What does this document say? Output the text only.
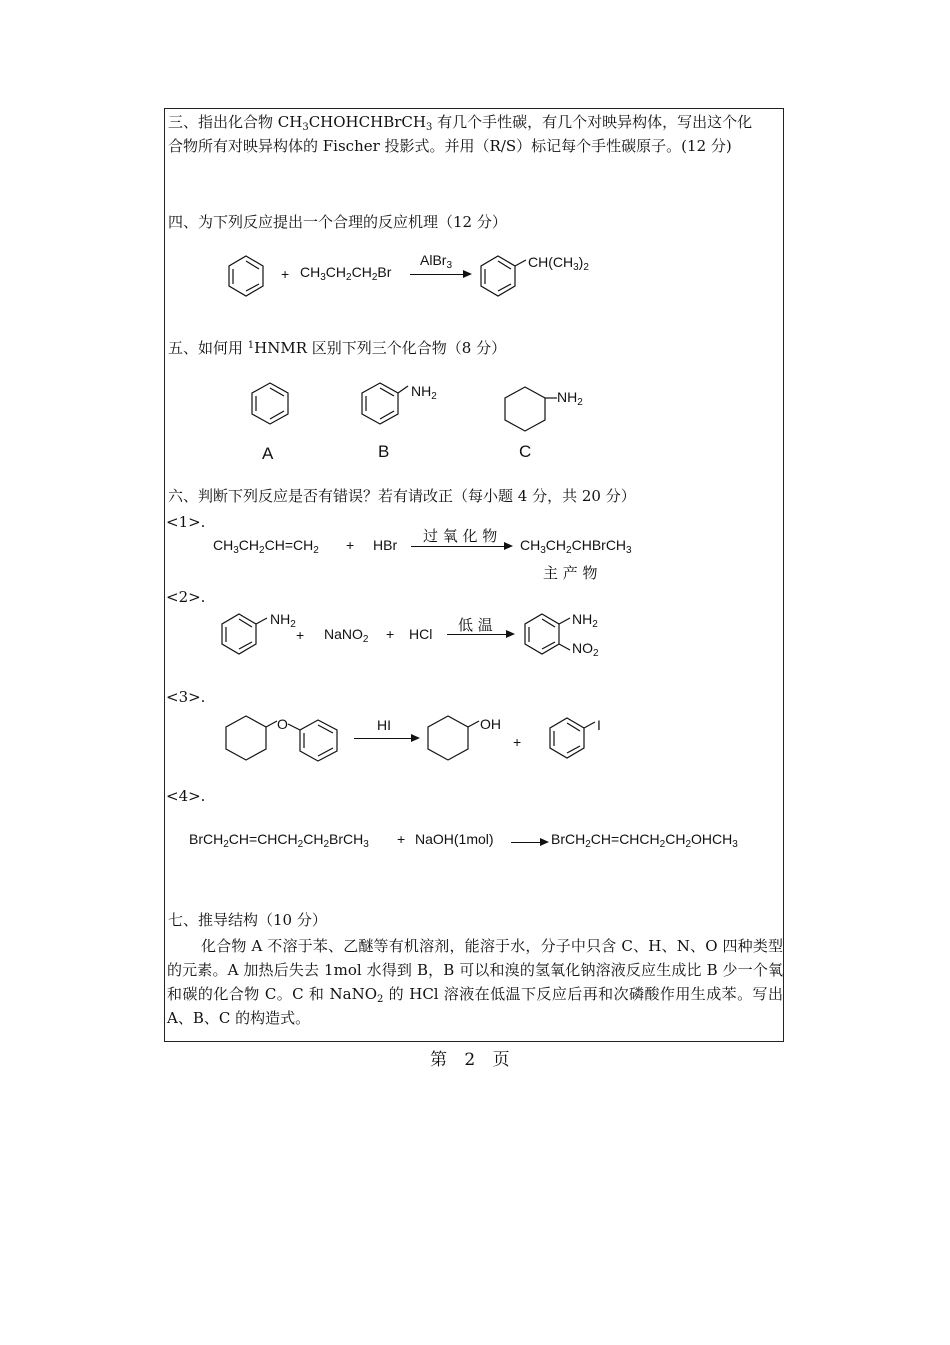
三、指出化合物 $CH_3CHOHCHBrCH_3$ 有几个手性碳，有几个对映异构体，写出这个化
合物所有对映异构体的 Fischer 投影式。并用（R/S）标记每个手性碳原子。(12 分)
四、为下列反应提出一个合理的反应机理（12 分）
+ $CH_3CH_2CH_2Br$
AlBr$_3$	$CH(CH_3)_2$
五、如何用 $^1$HNMR 区别下列三个化合物（8 分）
A
$NH_2$
B
$NH_2$
C
六、判断下列反应是否有错误？若有请改正（每小题 4 分，共 20 分）
<1>.
$CH_3CH_2CH=CH_2$ + HBr 过 氧 化 物 $CH_3CH_2CHBrCH_3$
主 产 物
<2>.
$NH_2$
+ NaNO$_2$ + HCl 低 温	$NH_2$
$NO_2$
<3>.
O	HI	OH
+
I
<4>.
$BrCH_2CH=CHCH_2CH_2BrCH_3$ + NaOH(1mol)	$BrCH_2CH=CHCH_2CH_2OHCH_3$
七、推导结构（10 分）

化合物 A 不溶于苯、乙醚等有机溶剂，能溶于水，分子中只含 C、H、N、O 四种类型的元素。A 加热后失去 1mol 水得到 B，B 可以和溴的氢氧化钠溶液反应生成比 B 少一个氧和碳的化合物 C。C 和 NaNO$_2$ 的 HCl 溶液在低温下反应后再和次磷酸作用生成苯。写出 A、B、C 的构造式。

第 2 页
